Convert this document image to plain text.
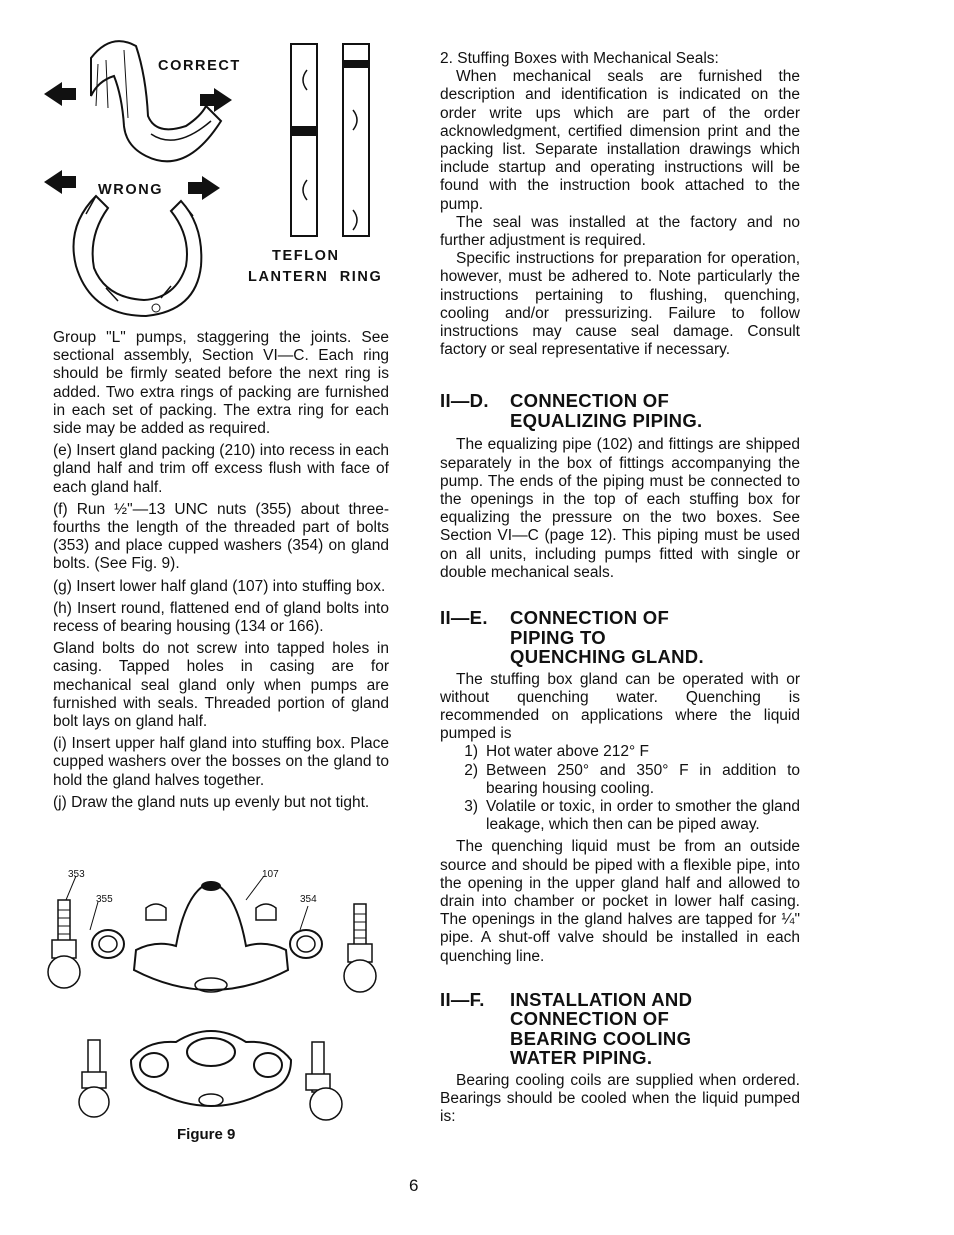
CORRECT
WRONG
TEFLON
LANTERN  RING

Group "L" pumps, staggering the joints. See sectional assembly, Section VI—C. Each ring should be firmly seated before the next ring is added. Two extra rings of packing are furnished in each set of packing. The extra ring for each side may be added as required.

(e) Insert gland packing (210) into recess in each gland half and trim off excess flush with face of each gland half.

(f) Run ½"—13 UNC nuts (355) about three-fourths the length of the threaded part of bolts (353) and place cupped washers (354) on gland bolts. (See Fig. 9).

(g) Insert lower half gland (107) into stuffing box.

(h) Insert round, flattened end of gland bolts into recess of bearing housing (134 or 166).

Gland bolts do not screw into tapped holes in casing. Tapped holes in casing are for mechanical seal gland only when pumps are furnished with seals. Threaded portion of gland bolt lays on gland half.

(i) Insert upper half gland into stuffing box. Place cupped washers over the bosses on the gland to hold the gland halves together.

(j) Draw the gland nuts up evenly but not tight.

353
355
107
354
Figure 9

2. Stuffing Boxes with Mechanical Seals:

When mechanical seals are furnished the description and identification is indicated on the order write ups which are part of the order acknowledgment, certified dimension print and the packing list. Separate installation drawings which include startup and operating instructions will be found with the instruction book attached to the pump.

The seal was installed at the factory and no further adjustment is required.

Specific instructions for preparation for operation, however, must be adhered to. Note particularly the instructions pertaining to flushing, quenching, cooling and/or pressurizing. Failure to follow instructions may cause seal damage. Consult factory or seal representative if necessary.

II—D. CONNECTION OF
EQUALIZING PIPING.

The equalizing pipe (102) and fittings are shipped separately in the box of fittings accompanying the pump. The ends of the piping must be connected to the openings in the top of each stuffing box for equalizing the pressure on the two boxes. See Section VI—C (page 12). This piping must be used on all units, including pumps fitted with single or double mechanical seals.

II—E. CONNECTION OF
PIPING TO
QUENCHING GLAND.

The stuffing box gland can be operated with or without quenching water. Quenching is recommended on applications where the liquid pumped is

1) Hot water above 212° F
2) Between 250° and 350° F in addition to bearing housing cooling.
3) Volatile or toxic, in order to smother the gland leakage, which then can be piped away.

The quenching liquid must be from an outside source and should be piped with a flexible pipe, into the opening in the upper gland half and allowed to drain into chamber or pocket in lower half casing. The openings in the gland halves are tapped for ¼" pipe. A shut-off valve should be installed in each quenching line.

II—F. INSTALLATION AND
CONNECTION OF
BEARING COOLING
WATER PIPING.

Bearing cooling coils are supplied when ordered. Bearings should be cooled when the liquid pumped is:

6
